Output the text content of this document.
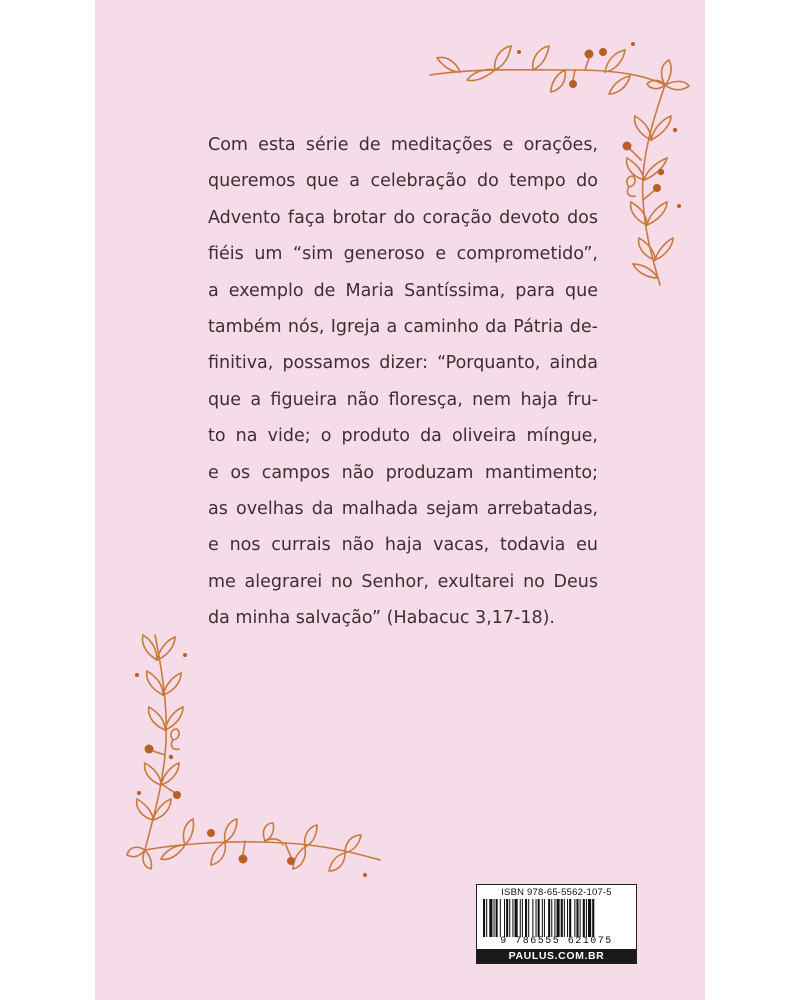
Com esta série de meditações e orações,
queremos que a celebração do tempo do
Advento faça brotar do coração devoto dos
fiéis um “sim generoso e comprometido”,
a exemplo de Maria Santíssima, para que
também nós, Igreja a caminho da Pátria de-
finitiva, possamos dizer: “Porquanto, ainda
que a figueira não floresça, nem haja fru-
to na vide; o produto da oliveira míngue,
e os campos não produzam mantimento;
as ovelhas da malhada sejam arrebatadas,
e nos currais não haja vacas, todavia eu
me alegrarei no Senhor, exultarei no Deus
da minha salvação” (Habacuc 3,17-18).
ISBN 978-65-5562-107-5
9 786555 621075
PAULUS.COM.BR
